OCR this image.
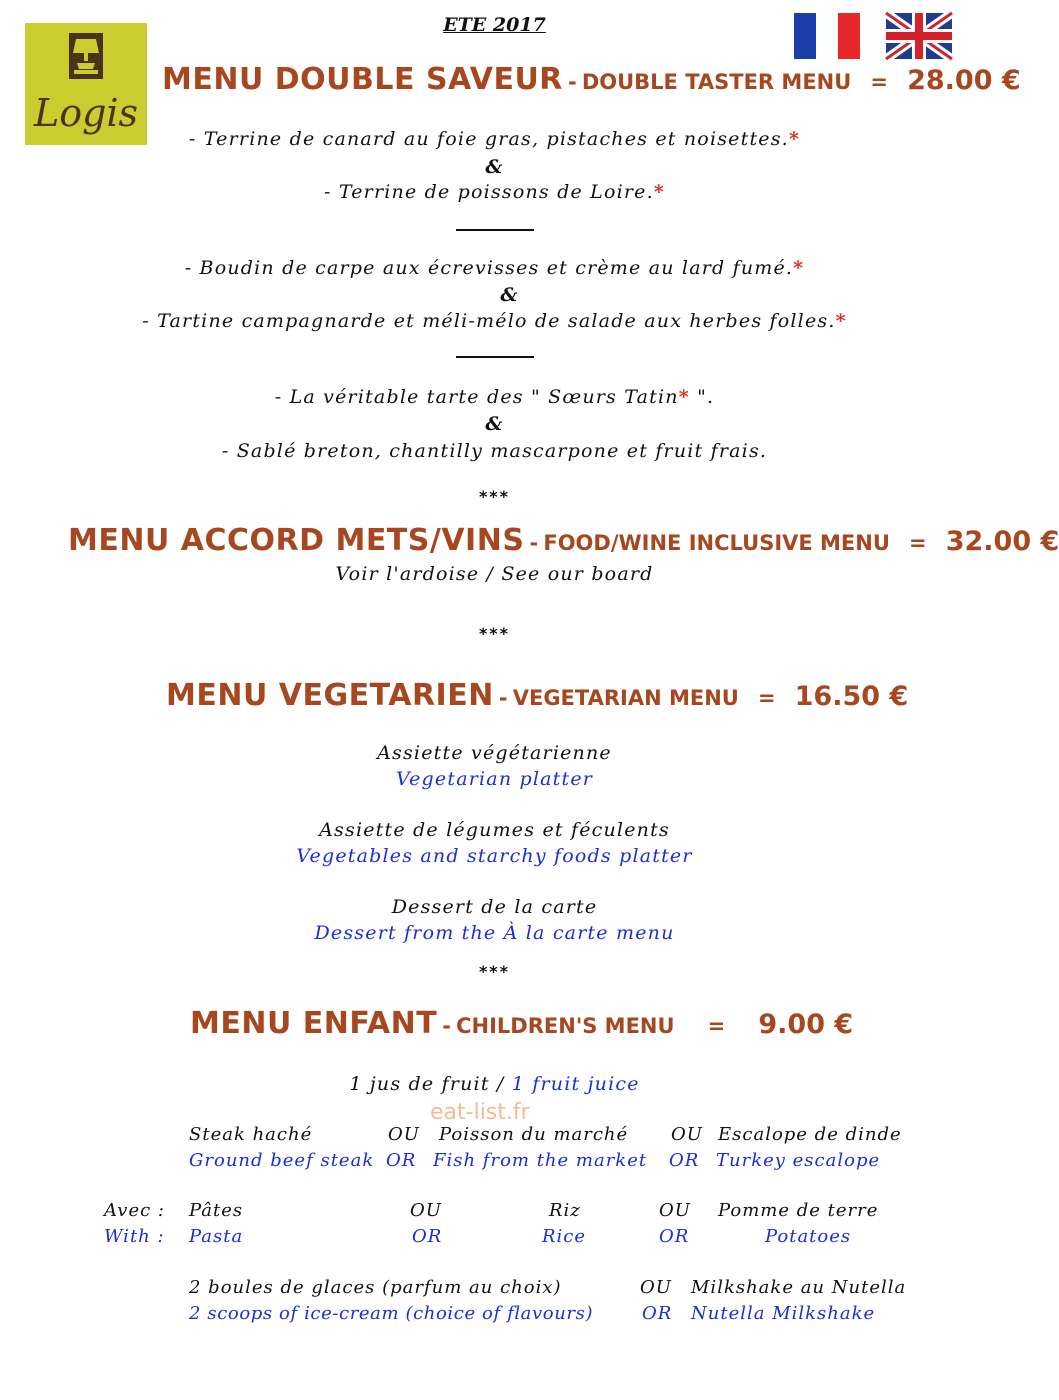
Logis
ETE 2017
MENU DOUBLE SAVEUR - DOUBLE TASTER MENU = 28.00 €
- Terrine de canard au foie gras, pistaches et noisettes.*
&
- Terrine de poissons de Loire.*
- Boudin de carpe aux écrevisses et crème au lard fumé.*
&
- Tartine campagnarde et méli-mélo de salade aux herbes folles.*
- La véritable tarte des " Sœurs Tatin* ".
&
- Sablé breton, chantilly mascarpone et fruit frais.
***
MENU ACCORD METS/VINS - FOOD/WINE INCLUSIVE MENU = 32.00 €
Voir l'ardoise / See our board
***
MENU VEGETARIEN - VEGETARIAN MENU = 16.50 €
Assiette végétarienne
Vegetarian platter
Assiette de légumes et féculents
Vegetables and starchy foods platter
Dessert de la carte
Dessert from the À la carte menu
***
MENU ENFANT - CHILDREN'S MENU = 9.00 €
1 jus de fruit / 1 fruit juice
eat-list.fr
Steak haché	OU Poisson du marché OU Escalope de dinde
Ground beef steak OR Fish from the market OR Turkey escalope
Avec : Pâtes	OU	Riz	OU Pomme de terre
With : Pasta	OR	Rice	OR	Potatoes
2 boules de glaces (parfum au choix)	OU Milkshake au Nutella
2 scoops of ice-cream (choice of flavours)	OR Nutella Milkshake
